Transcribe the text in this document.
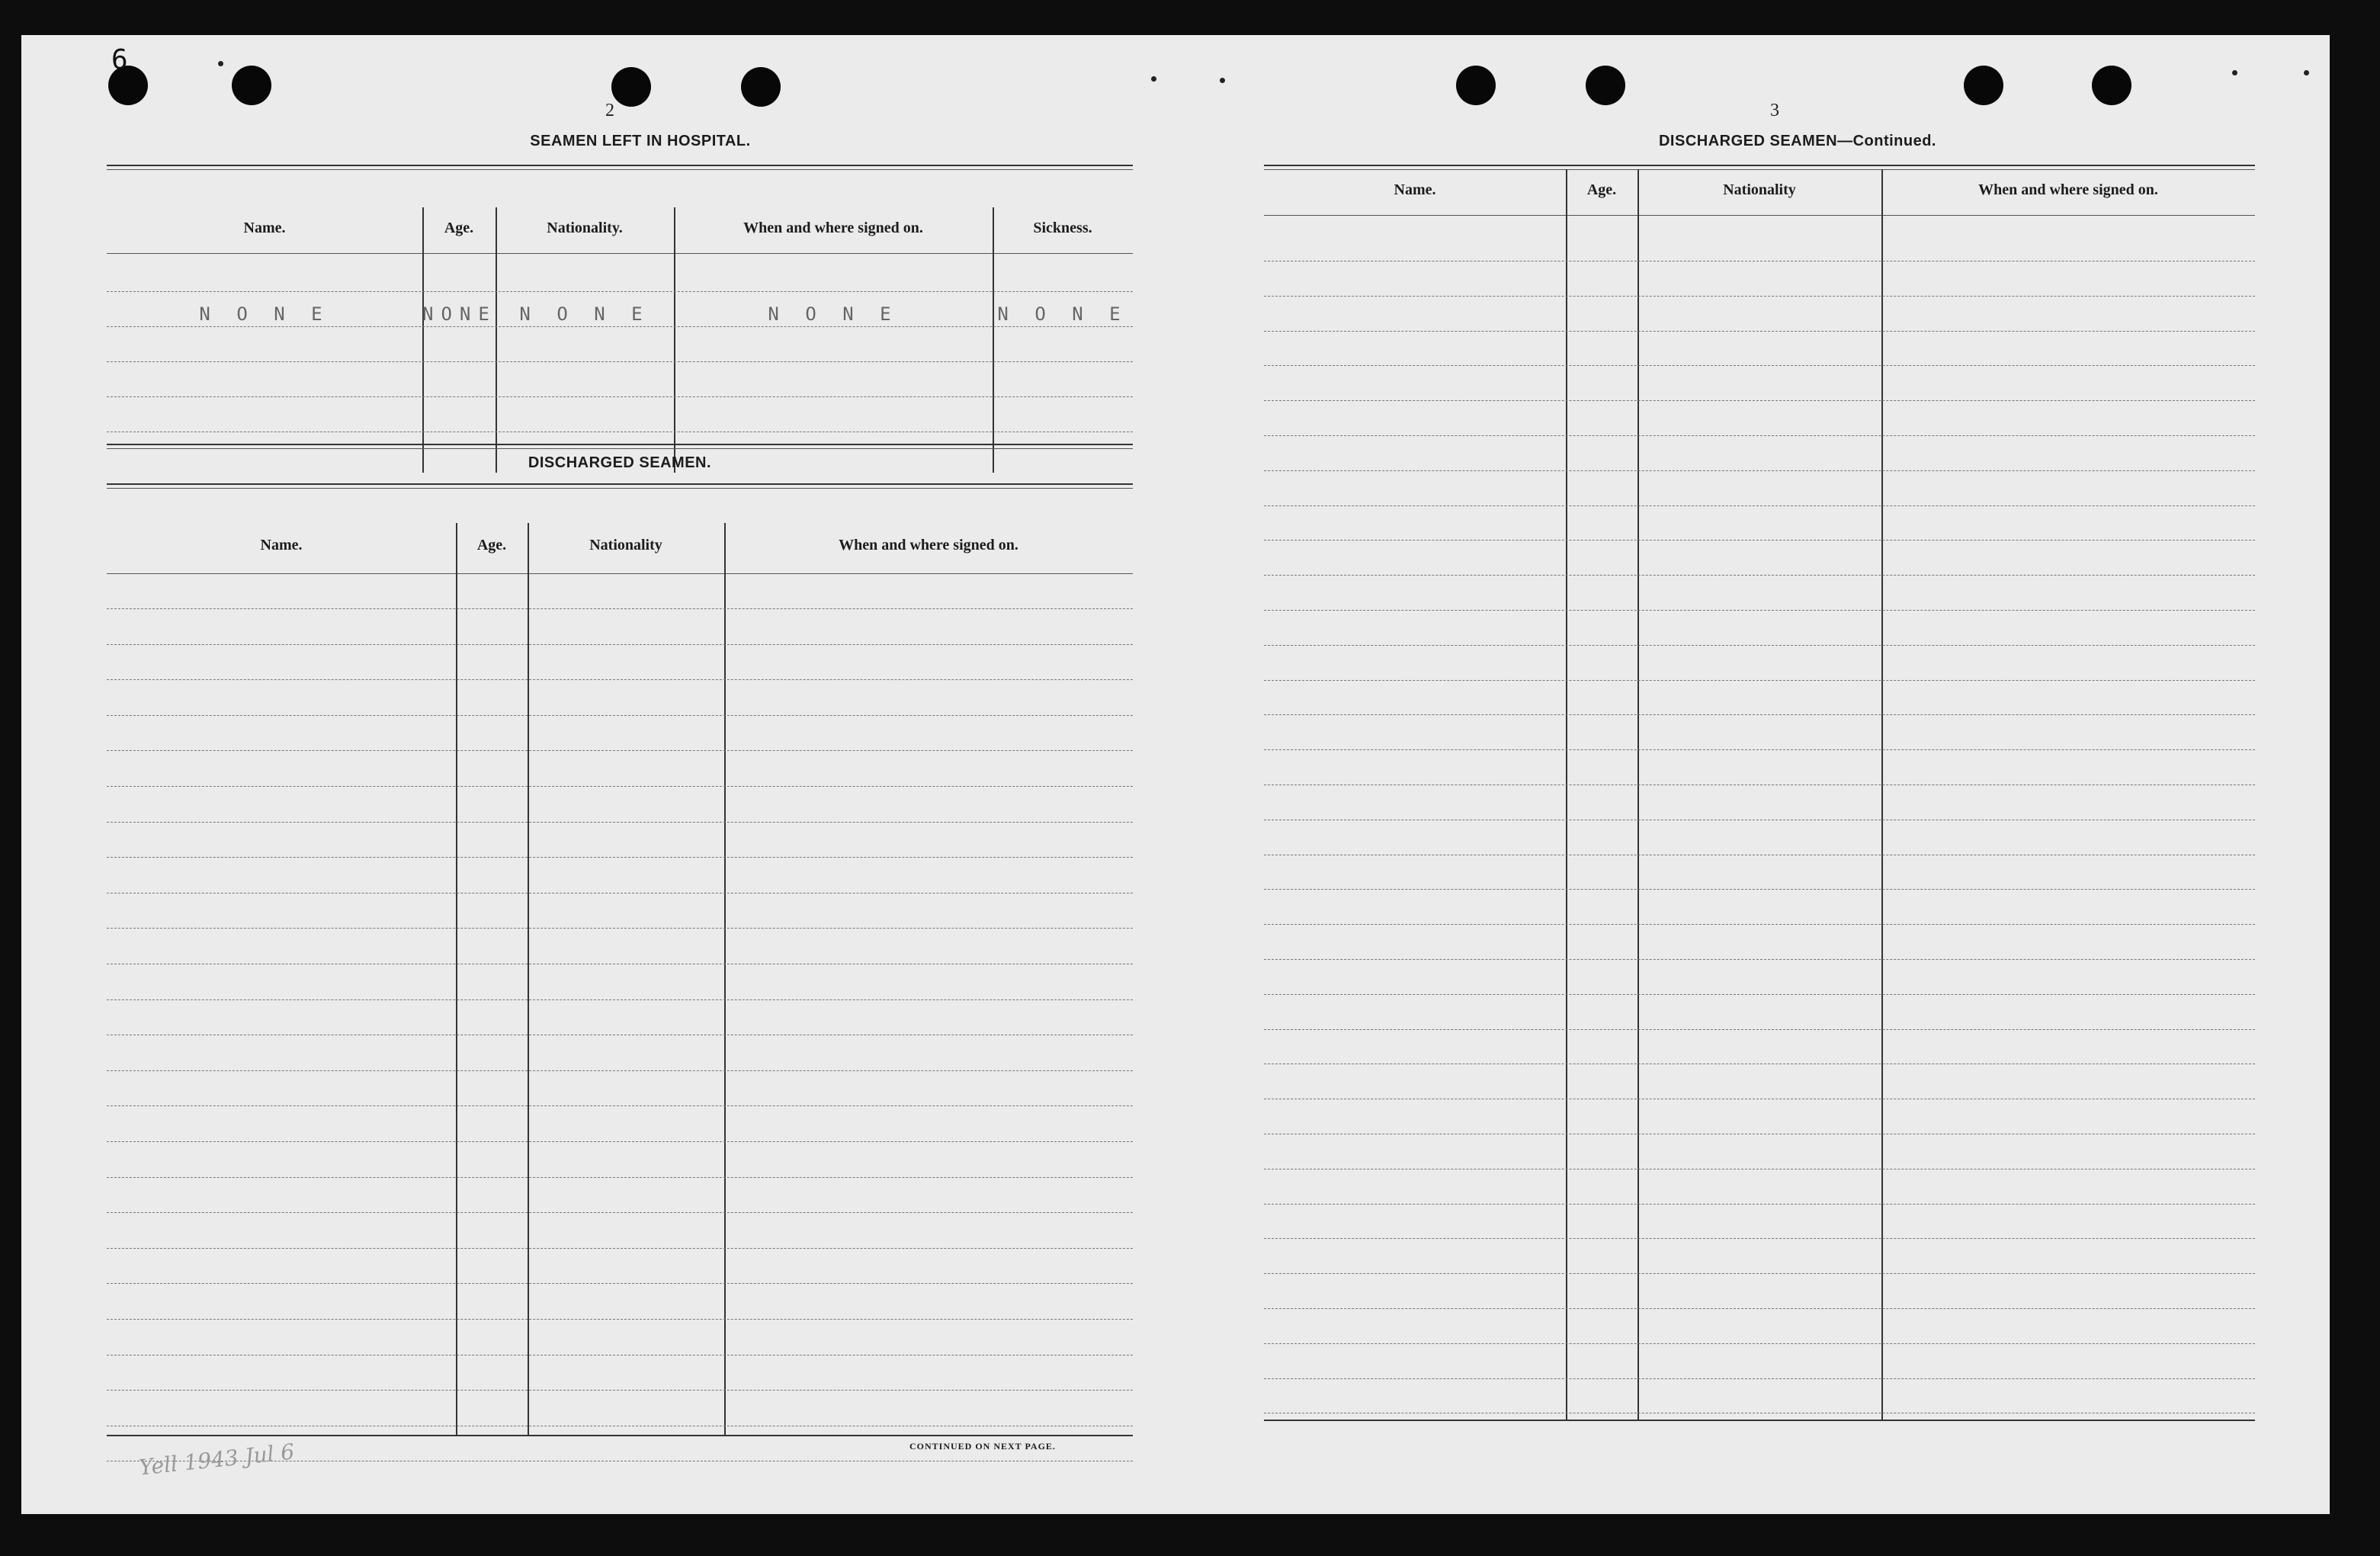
6
2
SEAMEN LEFT IN HOSPITAL.
Name.	Age.	Nationality.	When and where signed on.	Sickness.
N O N E	NONE	N O N E	N O N E	N O N E
DISCHARGED SEAMEN.
Name.	Age.	Nationality	When and where signed on.
CONTINUED ON NEXT PAGE.
Yell 1943 Jul 6
3
DISCHARGED SEAMEN—Continued.
Name.	Age.	Nationality	When and where signed on.
